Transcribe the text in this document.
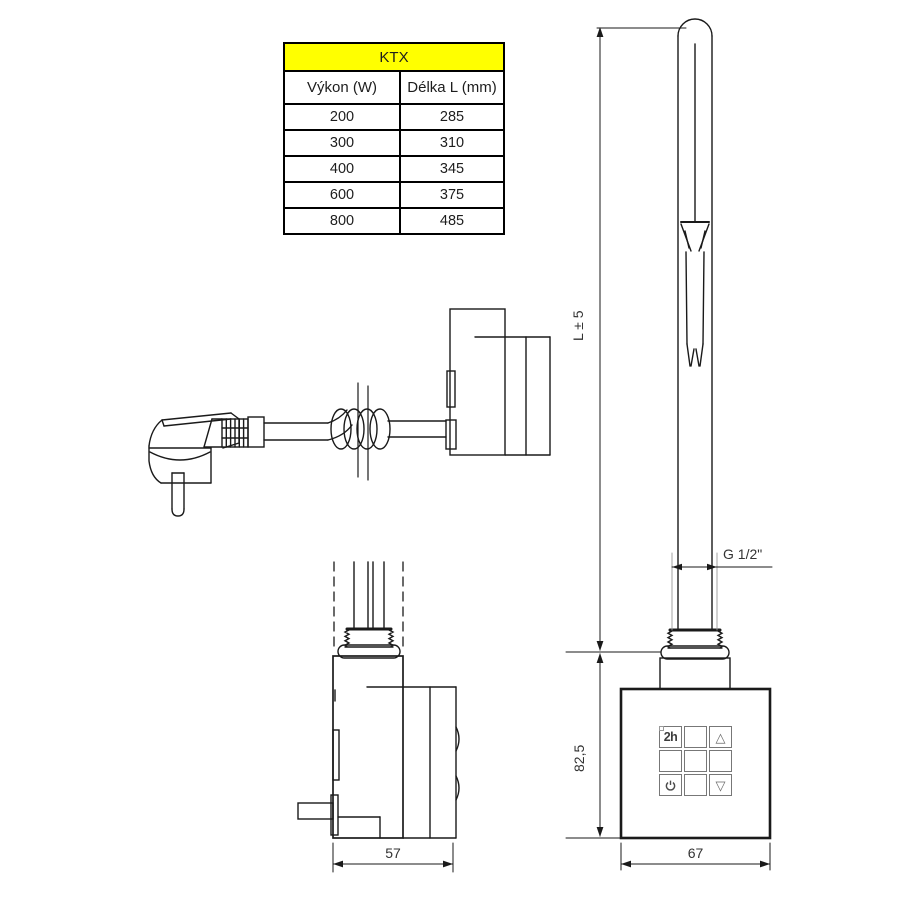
KTX	
Výkon (W)	Délka L (mm)
200	285
300	310
400	345
600	375
800	485
L ± 5
82,5
G 1/2"
67
57
2h	△
▽
